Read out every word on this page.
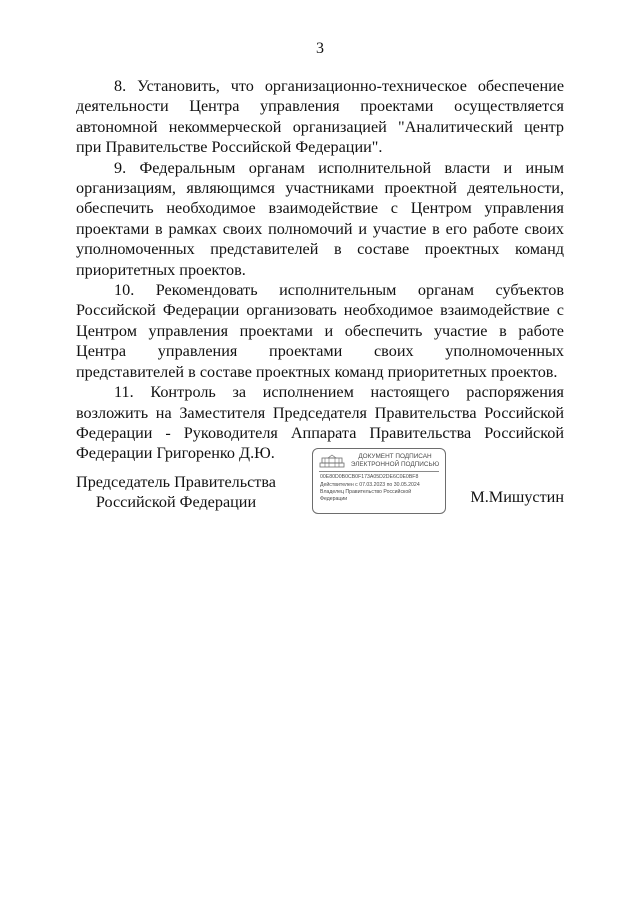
3

8. Установить, что организационно-техническое обеспечение деятельности Центра управления проектами осуществляется автономной некоммерческой организацией "Аналитический центр при Правительстве Российской Федерации".

9. Федеральным органам исполнительной власти и иным организациям, являющимся участниками проектной деятельности, обеспечить необходимое взаимодействие с Центром управления проектами в рамках своих полномочий и участие в его работе своих уполномоченных представителей в составе проектных команд приоритетных проектов.

10. Рекомендовать исполнительным органам субъектов Российской Федерации организовать необходимое взаимодействие с Центром управления проектами и обеспечить участие в работе Центра управления проектами своих уполномоченных представителей в составе проектных команд приоритетных проектов.

11. Контроль за исполнением настоящего распоряжения возложить на Заместителя Председателя Правительства Российской Федерации - Руководителя Аппарата Правительства Российской Федерации Григоренко Д.Ю.

Председатель Правительства
Российской Федерации
ДОКУМЕНТ ПОДПИСАН
ЭЛЕКТРОННОЙ ПОДПИСЬЮ
00E80D0B0CB0F173A05D2DE6C0E0ВF8
Действителен с 07.03.2023 по 30.05.2024
Владелец Правительство Российской
Федерации	М.Мишустин
